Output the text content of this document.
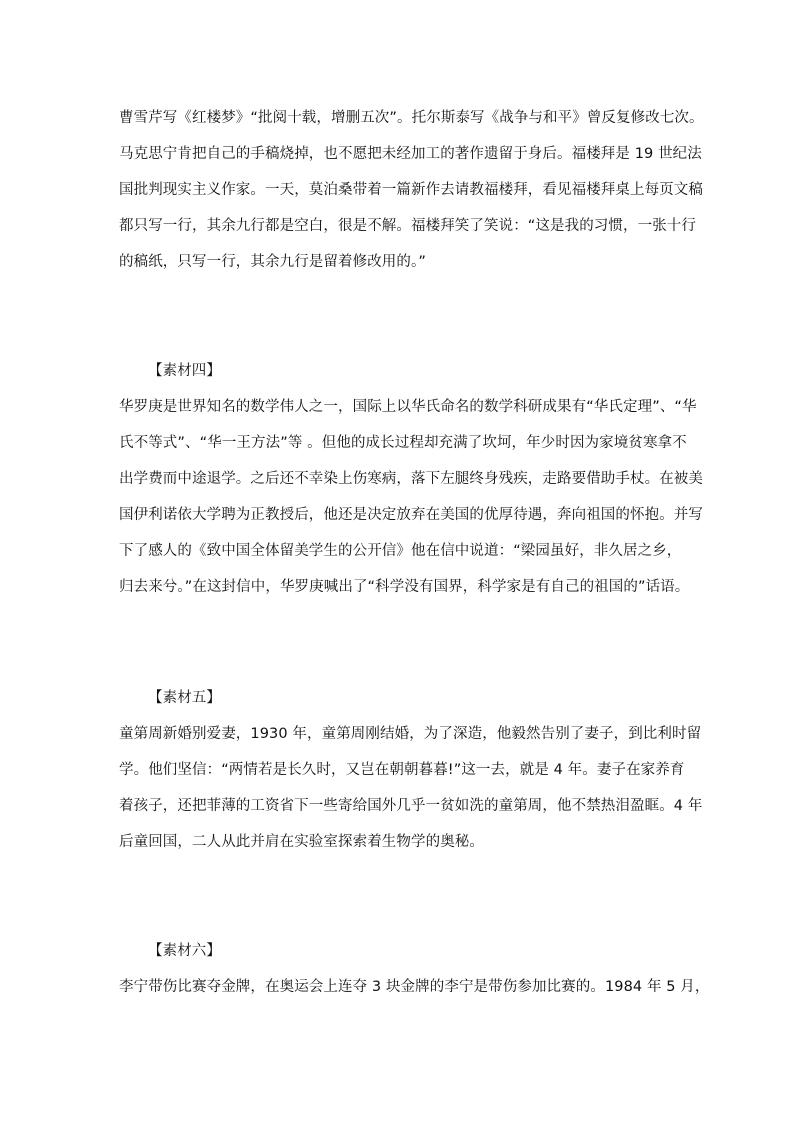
曹雪芹写《红楼梦》“批阅十载，增删五次”。托尔斯泰写《战争与和平》曾反复修改七次。
马克思宁肯把自己的手稿烧掉，也不愿把未经加工的著作遗留于身后。福楼拜是 19 世纪法
国批判现实主义作家。一天，莫泊桑带着一篇新作去请教福楼拜，看见福楼拜桌上每页文稿
都只写一行，其余九行都是空白，很是不解。福楼拜笑了笑说：“这是我的习惯，一张十行
的稿纸，只写一行，其余九行是留着修改用的。”
【素材四】
华罗庚是世界知名的数学伟人之一，国际上以华氏命名的数学科研成果有“华氏定理”、“华
氏不等式”、“华一王方法”等 。但他的成长过程却充满了坎坷，年少时因为家境贫寒拿不
出学费而中途退学。之后还不幸染上伤寒病，落下左腿终身残疾，走路要借助手杖。在被美
国伊利诺依大学聘为正教授后，他还是决定放弃在美国的优厚待遇，奔向祖国的怀抱。并写
下了感人的《致中国全体留美学生的公开信》他在信中说道：“梁园虽好，非久居之乡，
归去来兮。”在这封信中，华罗庚喊出了“科学没有国界，科学家是有自己的祖国的”话语。
【素材五】
童第周新婚别爱妻，1930 年，童第周刚结婚，为了深造，他毅然告别了妻子，到比利时留
学。他们坚信：“两情若是长久时，又岂在朝朝暮暮!”这一去，就是 4 年。妻子在家养育
着孩子，还把菲薄的工资省下一些寄给国外几乎一贫如洗的童第周，他不禁热泪盈眶。4 年
后童回国，二人从此并肩在实验室探索着生物学的奥秘。
【素材六】
李宁带伤比赛夺金牌，在奥运会上连夺 3 块金牌的李宁是带伤参加比赛的。1984 年 5 月，
